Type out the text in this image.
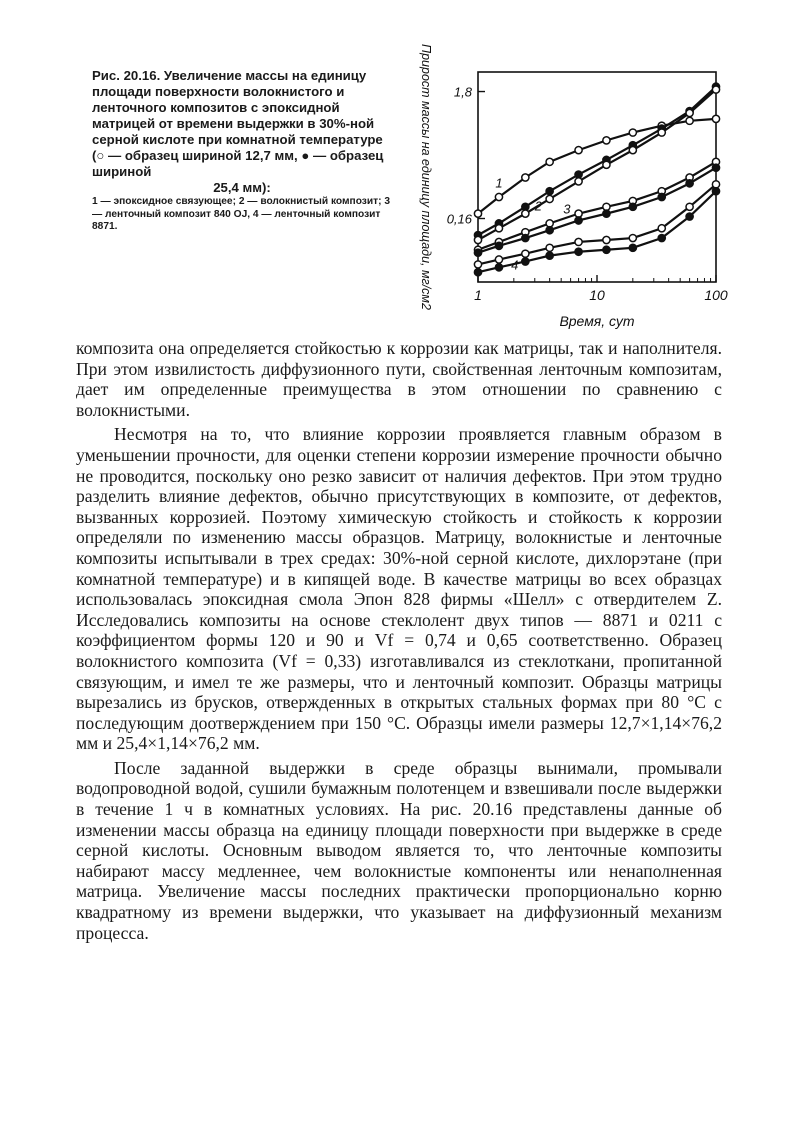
Рис. 20.16. Увеличение массы на единицу площади поверхности волокнистого и ленточного композитов с эпоксидной матрицей от времени выдержки в 30%-ной серной кислоте при комнатной температуре (○ — образец шириной 12,7 мм, ● — образец шириной

25,4 мм):

1 — эпоксидное связующее; 2 — волокнистый композит; 3 — ленточный композит 840 OJ, 4 — ленточный композит 8871.

1	10	100
0,16
1,8
Время, сут
Прирост массы на единицу площади, мг/см2	1
2 3
4

композита она определяется стойкостью к коррозии как матрицы, так и наполнителя. При этом извилистость диффузионного пути, свойственная ленточным композитам, дает им определенные преимущества в этом отношении по сравнению с волокнистыми.

Несмотря на то, что влияние коррозии проявляется главным образом в уменьшении прочности, для оценки степени коррозии измерение прочности обычно не проводится, поскольку оно резко зависит от наличия дефектов. При этом трудно разделить влияние дефектов, обычно присутствующих в композите, от дефектов, вызванных коррозией. Поэтому химическую стойкость и стойкость к коррозии определяли по изменению массы образцов. Матрицу, волокнистые и ленточные композиты испытывали в трех средах: 30%-ной серной кислоте, дихлорэтане (при комнатной температуре) и в кипящей воде. В качестве матрицы во всех образцах использовалась эпоксидная смола Эпон 828 фирмы «Шелл» с отвердителем Z. Исследовались композиты на основе стеклолент двух типов — 8871 и 0211 с коэффициентом формы 120 и 90 и Vf = 0,74 и 0,65 соответственно. Образец волокнистого композита (Vf = 0,33) изготавливался из стеклоткани, пропитанной связующим, и имел те же размеры, что и ленточный композит. Образцы матрицы вырезались из брусков, отвержденных в открытых стальных формах при 80 °C с последующим доотверждением при 150 °C. Образцы имели размеры 12,7×1,14×76,2 мм и 25,4×1,14×76,2 мм.

После заданной выдержки в среде образцы вынимали, промывали водопроводной водой, сушили бумажным полотенцем и взвешивали после выдержки в течение 1 ч в комнатных условиях. На рис. 20.16 представлены данные об изменении массы образца на единицу площади поверхности при выдержке в среде серной кислоты. Основным выводом является то, что ленточные композиты набирают массу медленнее, чем волокнистые компоненты или ненаполненная матрица. Увеличение массы последних практически пропорционально корню квадратному из времени выдержки, что указывает на диффузионный механизм процесса.
